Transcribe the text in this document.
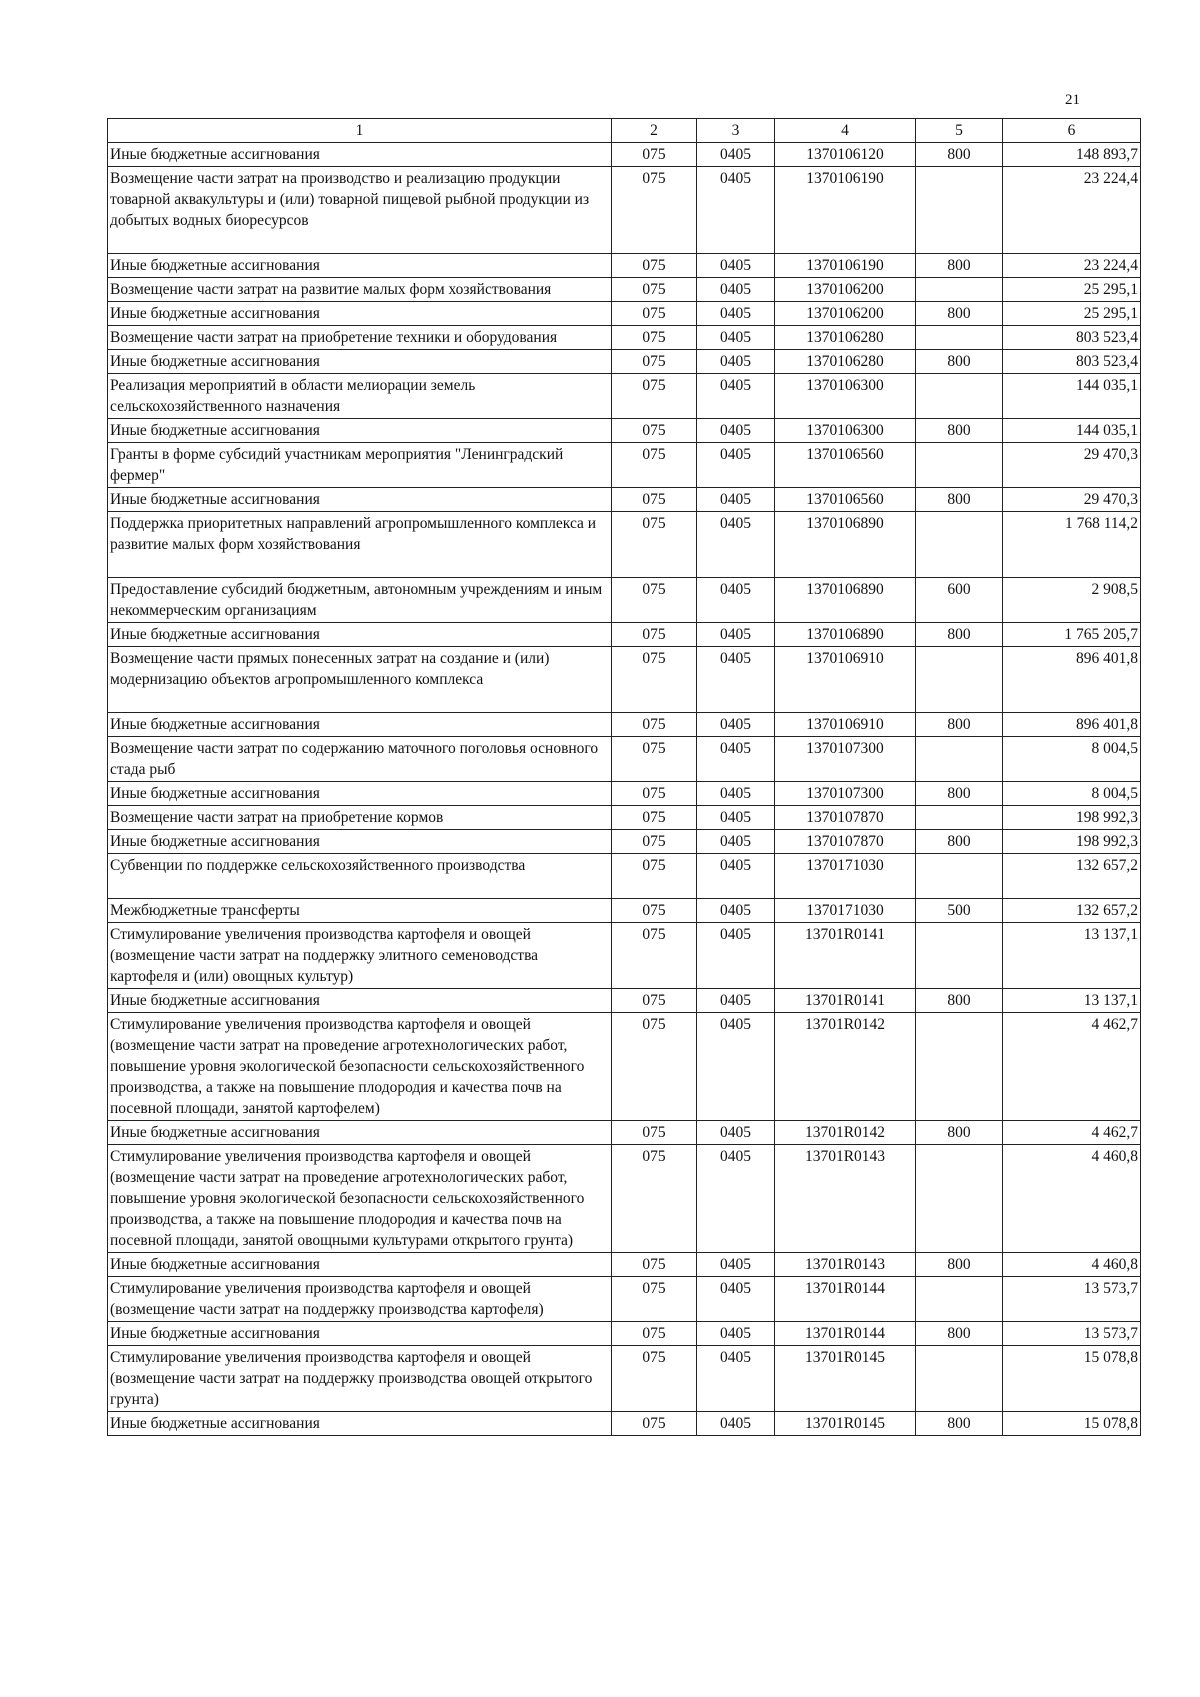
21
1	2	3	4	5	6
Иные бюджетные ассигнования	075	0405	1370106120	800	148 893,7
Возмещение части затрат на производство и реализацию продукции товарной аквакультуры и (или) товарной пищевой рыбной продукции из добытых водных биоресурсов	075	0405	1370106190		23 224,4
Иные бюджетные ассигнования	075	0405	1370106190	800	23 224,4
Возмещение части затрат на развитие малых форм хозяйствования	075	0405	1370106200		25 295,1
Иные бюджетные ассигнования	075	0405	1370106200	800	25 295,1
Возмещение части затрат на приобретение техники и оборудования	075	0405	1370106280		803 523,4
Иные бюджетные ассигнования	075	0405	1370106280	800	803 523,4
Реализация мероприятий в области мелиорации земель сельскохозяйственного назначения	075	0405	1370106300		144 035,1
Иные бюджетные ассигнования	075	0405	1370106300	800	144 035,1
Гранты в форме субсидий участникам мероприятия "Ленинградский фермер"	075	0405	1370106560		29 470,3
Иные бюджетные ассигнования	075	0405	1370106560	800	29 470,3
Поддержка приоритетных направлений агропромышленного комплекса и развитие малых форм хозяйствования	075	0405	1370106890		1 768 114,2
Предоставление субсидий бюджетным, автономным учреждениям и иным некоммерческим организациям	075	0405	1370106890	600	2 908,5
Иные бюджетные ассигнования	075	0405	1370106890	800	1 765 205,7
Возмещение части прямых понесенных затрат на создание и (или) модернизацию объектов агропромышленного комплекса	075	0405	1370106910		896 401,8
Иные бюджетные ассигнования	075	0405	1370106910	800	896 401,8
Возмещение части затрат по содержанию маточного поголовья основного стада рыб	075	0405	1370107300		8 004,5
Иные бюджетные ассигнования	075	0405	1370107300	800	8 004,5
Возмещение части затрат на приобретение кормов	075	0405	1370107870		198 992,3
Иные бюджетные ассигнования	075	0405	1370107870	800	198 992,3
Субвенции по поддержке сельскохозяйственного производства	075	0405	1370171030		132 657,2
Межбюджетные трансферты	075	0405	1370171030	500	132 657,2
Стимулирование увеличения производства картофеля и овощей (возмещение части затрат на поддержку элитного семеноводства картофеля и (или) овощных культур)	075	0405	13701R0141		13 137,1
Иные бюджетные ассигнования	075	0405	13701R0141	800	13 137,1
Стимулирование увеличения производства картофеля и овощей (возмещение части затрат на проведение агротехнологических работ, повышение уровня экологической безопасности сельскохозяйственного производства, а также на повышение плодородия и качества почв на посевной площади, занятой картофелем)	075	0405	13701R0142		4 462,7
Иные бюджетные ассигнования	075	0405	13701R0142	800	4 462,7
Стимулирование увеличения производства картофеля и овощей (возмещение части затрат на проведение агротехнологических работ, повышение уровня экологической безопасности сельскохозяйственного производства, а также на повышение плодородия и качества почв на посевной площади, занятой овощными культурами открытого грунта)	075	0405	13701R0143		4 460,8
Иные бюджетные ассигнования	075	0405	13701R0143	800	4 460,8
Стимулирование увеличения производства картофеля и овощей (возмещение части затрат на поддержку производства картофеля)	075	0405	13701R0144		13 573,7
Иные бюджетные ассигнования	075	0405	13701R0144	800	13 573,7
Стимулирование увеличения производства картофеля и овощей (возмещение части затрат на поддержку производства овощей открытого грунта)	075	0405	13701R0145		15 078,8
Иные бюджетные ассигнования	075	0405	13701R0145	800	15 078,8
